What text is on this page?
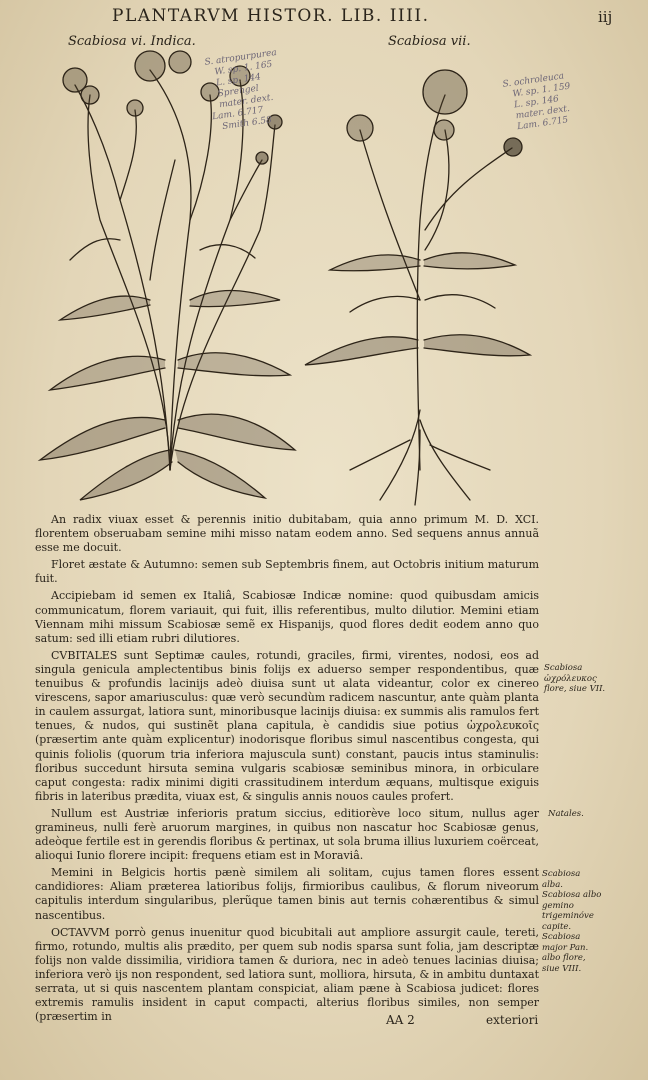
PLANTARVM HISTOR. LIB. IIII.	iij
Scabiosa vi. Indica.	Scabiosa vii.
S. atropurpurea
W. sp. 1. 165
L. sp. 144
Sprengel
mater. dext.
Lam. 6.717
Smith 6.58
S. ochroleuca
W. sp. 1. 159
L. sp. 146
mater. dext.
Lam. 6.715

An radix viuax esset & perennis initio dubitabam, quia anno primum M. D. XCI. florentem obseruabam semine mihi misso natam eodem anno. Sed sequens annus annuã esse me docuit.

Floret æstate & Autumno: semen sub Septembris finem, aut Octobris initium maturum fuit.

Accipiebam id semen ex Italiâ, Scabiosæ Indicæ nomine: quod quibusdam amicis communicatum, florem variauit, qui fuit, illis referentibus, multo dilutior. Memini etiam Viennam mihi missum Scabiosæ semẽ ex Hispanijs, quod flores dedit eodem anno quo satum: sed illi etiam rubri dilutiores.

CVBITALES sunt Septimæ caules, rotundi, graciles, firmi, virentes, nodosi, eos ad singula genicula amplectentibus binis folijs ex aduerso semper respondentibus, quæ tenuibus & profundis lacinijs adeò diuisa sunt ut alata videantur, color ex cinereo virescens, sapor amariusculus: quæ verò secundùm radicem nascuntur, ante quàm planta in caulem assurgat, latiora sunt, minoribusque lacinijs diuisa: ex summis alis ramulos fert tenues, & nudos, qui sustinẽt plana capitula, è candidis siue potius ὠχρολευκοῖς (præsertim ante quàm explicentur) inodorisque floribus simul nascentibus congesta, qui quinis foliolis (quorum tria inferiora majuscula sunt) constant, paucis intus staminulis: floribus succedunt hirsuta semina vulgaris scabiosæ seminibus minora, in orbiculare caput congesta: radix minimi digiti crassitudinem interdum æquans, multisque exiguis fibris in lateribus prædita, viuax est, & singulis annis nouos caules profert.

Nullum est Austriæ inferioris pratum siccius, editiorève loco situm, nullus ager gramineus, nulli ferè aruorum margines, in quibus non nascatur hoc Scabiosæ genus, adeòque fertile est in gerendis floribus & pertinax, ut sola bruma illius luxuriem coërceat, alioqui Iunio florere incipit: frequens etiam est in Moraviâ.

Memini in Belgicis hortis pænè similem ali solitam, cujus tamen flores essent candidiores: Aliam præterea latioribus folijs, firmioribus caulibus, & florum niveorum capitulis interdum singularibus, plerũque tamen binis aut ternis cohærentibus & simul nascentibus.

OCTAVVM porrò genus inuenitur quod bicubitali aut ampliore assurgit caule, tereti, firmo, rotundo, multis alis prædito, per quem sub nodis sparsa sunt folia, jam descriptæ folijs non valde dissimilia, viridiora tamen & duriora, nec in adeò tenues lacinias diuisa; inferiora verò ijs non respondent, sed latiora sunt, molliora, hirsuta, & in ambitu duntaxat serrata, ut si quis nascentem plantam conspiciat, aliam pæne à Scabiosa judicet: flores extremis ramulis insident in caput compacti, alterius floribus similes, non semper (præsertim in

Scabiosa ὠχρόλευκος flore, siue VII.
Natales.
Scabiosa alba. Scabiosa albo gemino trigeminóve capite. Scabiosa major Pan. albo flore, siue VIII.
AA 2	exteriori
